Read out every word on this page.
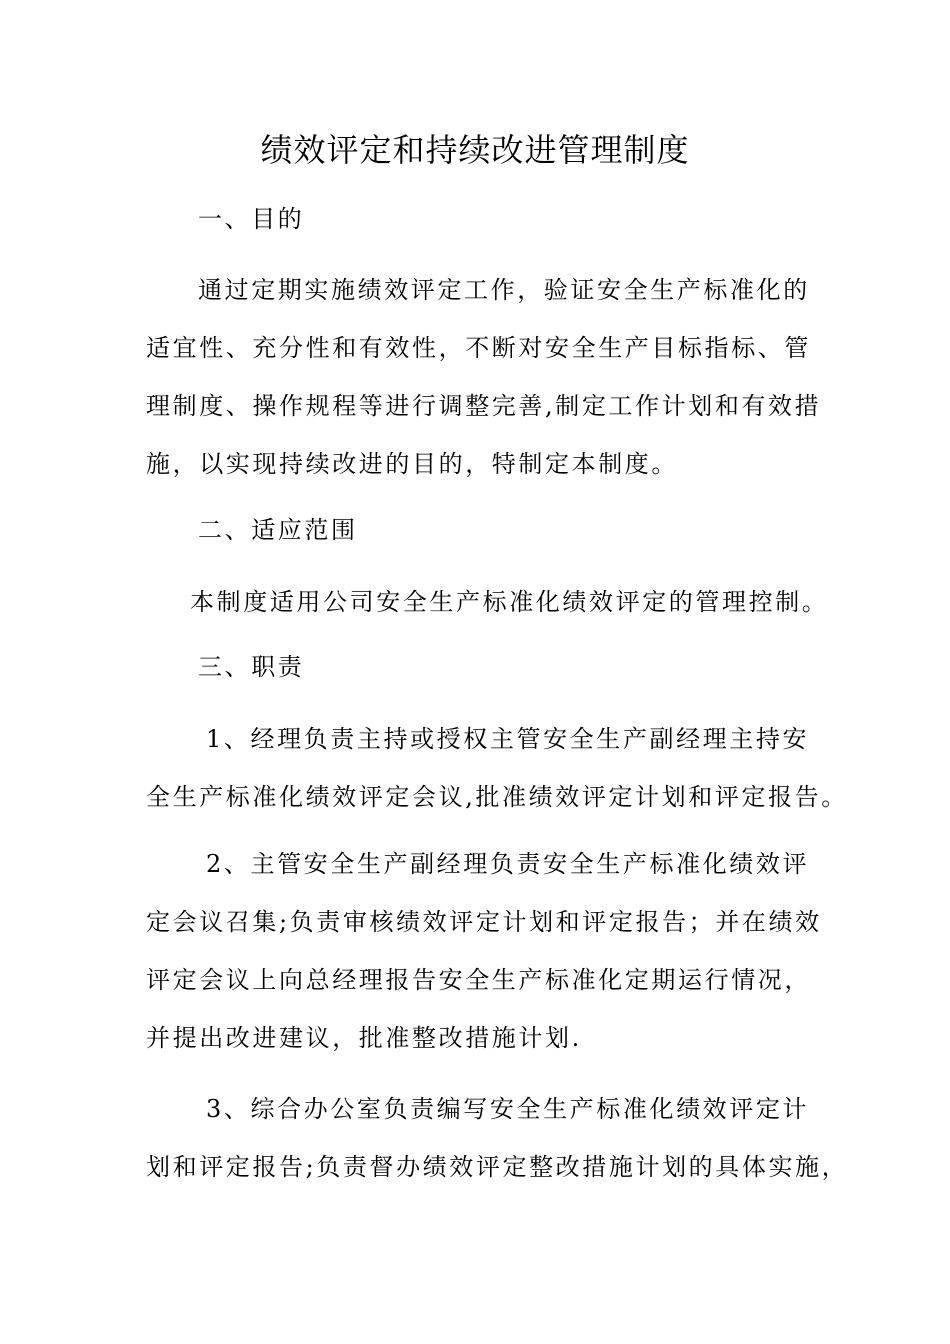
绩效评定和持续改进管理制度
一、目的
通过定期实施绩效评定工作，验证安全生产标准化的
适宜性、充分性和有效性，不断对安全生产目标指标、管
理制度、操作规程等进行调整完善,制定工作计划和有效措
施，以实现持续改进的目的，特制定本制度。
二、适应范围
本制度适用公司安全生产标准化绩效评定的管理控制。
三、职责
1、经理负责主持或授权主管安全生产副经理主持安
全生产标准化绩效评定会议,批准绩效评定计划和评定报告。
2、主管安全生产副经理负责安全生产标准化绩效评
定会议召集;负责审核绩效评定计划和评定报告；并在绩效
评定会议上向总经理报告安全生产标准化定期运行情况，
并提出改进建议，批准整改措施计划.
3、综合办公室负责编写安全生产标准化绩效评定计
划和评定报告;负责督办绩效评定整改措施计划的具体实施，
